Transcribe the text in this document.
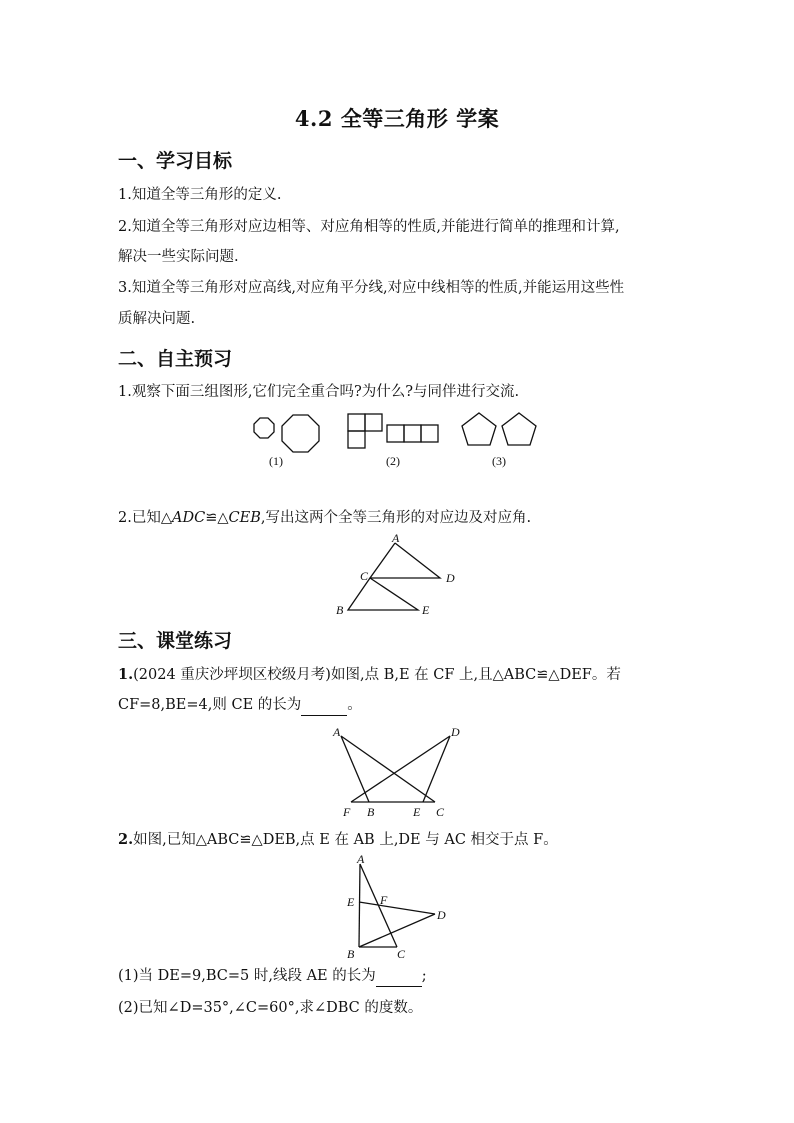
4.2 全等三角形 学案
一、学习目标
1.知道全等三角形的定义.
2.知道全等三角形对应边相等、对应角相等的性质,并能进行简单的推理和计算,
解决一些实际问题.
3.知道全等三角形对应高线,对应角平分线,对应中线相等的性质,并能运用这些性
质解决问题.
二、自主预习
1.观察下面三组图形,它们完全重合吗?为什么?与同伴进行交流.
(1)	(2)	(3)
2.已知△ADC≌△CEB,写出这两个全等三角形的对应边及对应角.
A
C	D
B	E
三、课堂练习
1.(2024 重庆沙坪坝区校级月考)如图,点 B,E 在 CF 上,且△ABC≌△DEF。若
CF=8,BE=4,则 CE 的长为	。
A	D
F B	E C
2.如图,已知△ABC≌△DEB,点 E 在 AB 上,DE 与 AC 相交于点 F。
A
E F
D
B	C
(1)当 DE=9,BC=5 时,线段 AE 的长为	;
(2)已知∠D=35°,∠C=60°,求∠DBC 的度数。
